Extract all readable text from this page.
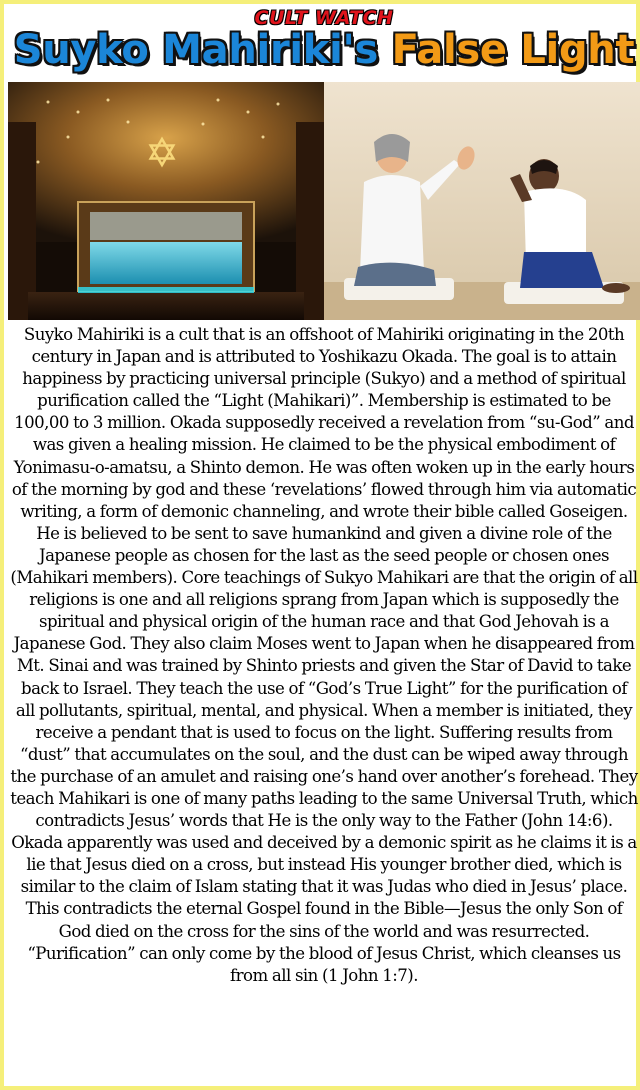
CULT WATCH
Suyko Mahiriki's False Light

Suyko Mahiriki is a cult that is an offshoot of Mahiriki originating in the 20th century in Japan and is attributed to Yoshikazu Okada. The goal is to attain happiness by practicing universal principle (Sukyo) and a method of spiritual purification called the “Light (Mahikari)”. Membership is estimated to be 100,00 to 3 million. Okada supposedly received a revelation from “su-God” and was given a healing mission. He claimed to be the physical embodiment of Yonimasu-o-amatsu, a Shinto demon. He was often woken up in the early hours of the morning by god and these ‘revelations’ flowed through him via automatic writing, a form of demonic channeling, and wrote their bible called Goseigen. He is believed to be sent to save humankind and given a divine role of the Japanese people as chosen for the last as the seed people or chosen ones (Mahikari members). Core teachings of Sukyo Mahikari are that the origin of all religions is one and all religions sprang from Japan which is supposedly the spiritual and physical origin of the human race and that God Jehovah is a Japanese God. They also claim Moses went to Japan when he disappeared from Mt. Sinai and was trained by Shinto priests and given the Star of David to take back to Israel. They teach the use of “God’s True Light” for the purification of all pollutants, spiritual, mental, and physical. When a member is initiated, they receive a pendant that is used to focus on the light. Suffering results from “dust” that accumulates on the soul, and the dust can be wiped away through the purchase of an amulet and raising one’s hand over another’s forehead. They teach Mahikari is one of many paths leading to the same Universal Truth, which contradicts Jesus’ words that He is the only way to the Father (John 14:6). Okada apparently was used and deceived by a demonic spirit as he claims it is a lie that Jesus died on a cross, but instead His younger brother died, which is similar to the claim of Islam stating that it was Judas who died in Jesus’ place. This contradicts the eternal Gospel found in the Bible—Jesus the only Son of God died on the cross for the sins of the world and was resurrected. “Purification” can only come by the blood of Jesus Christ, which cleanses us from all sin (1 John 1:7).
